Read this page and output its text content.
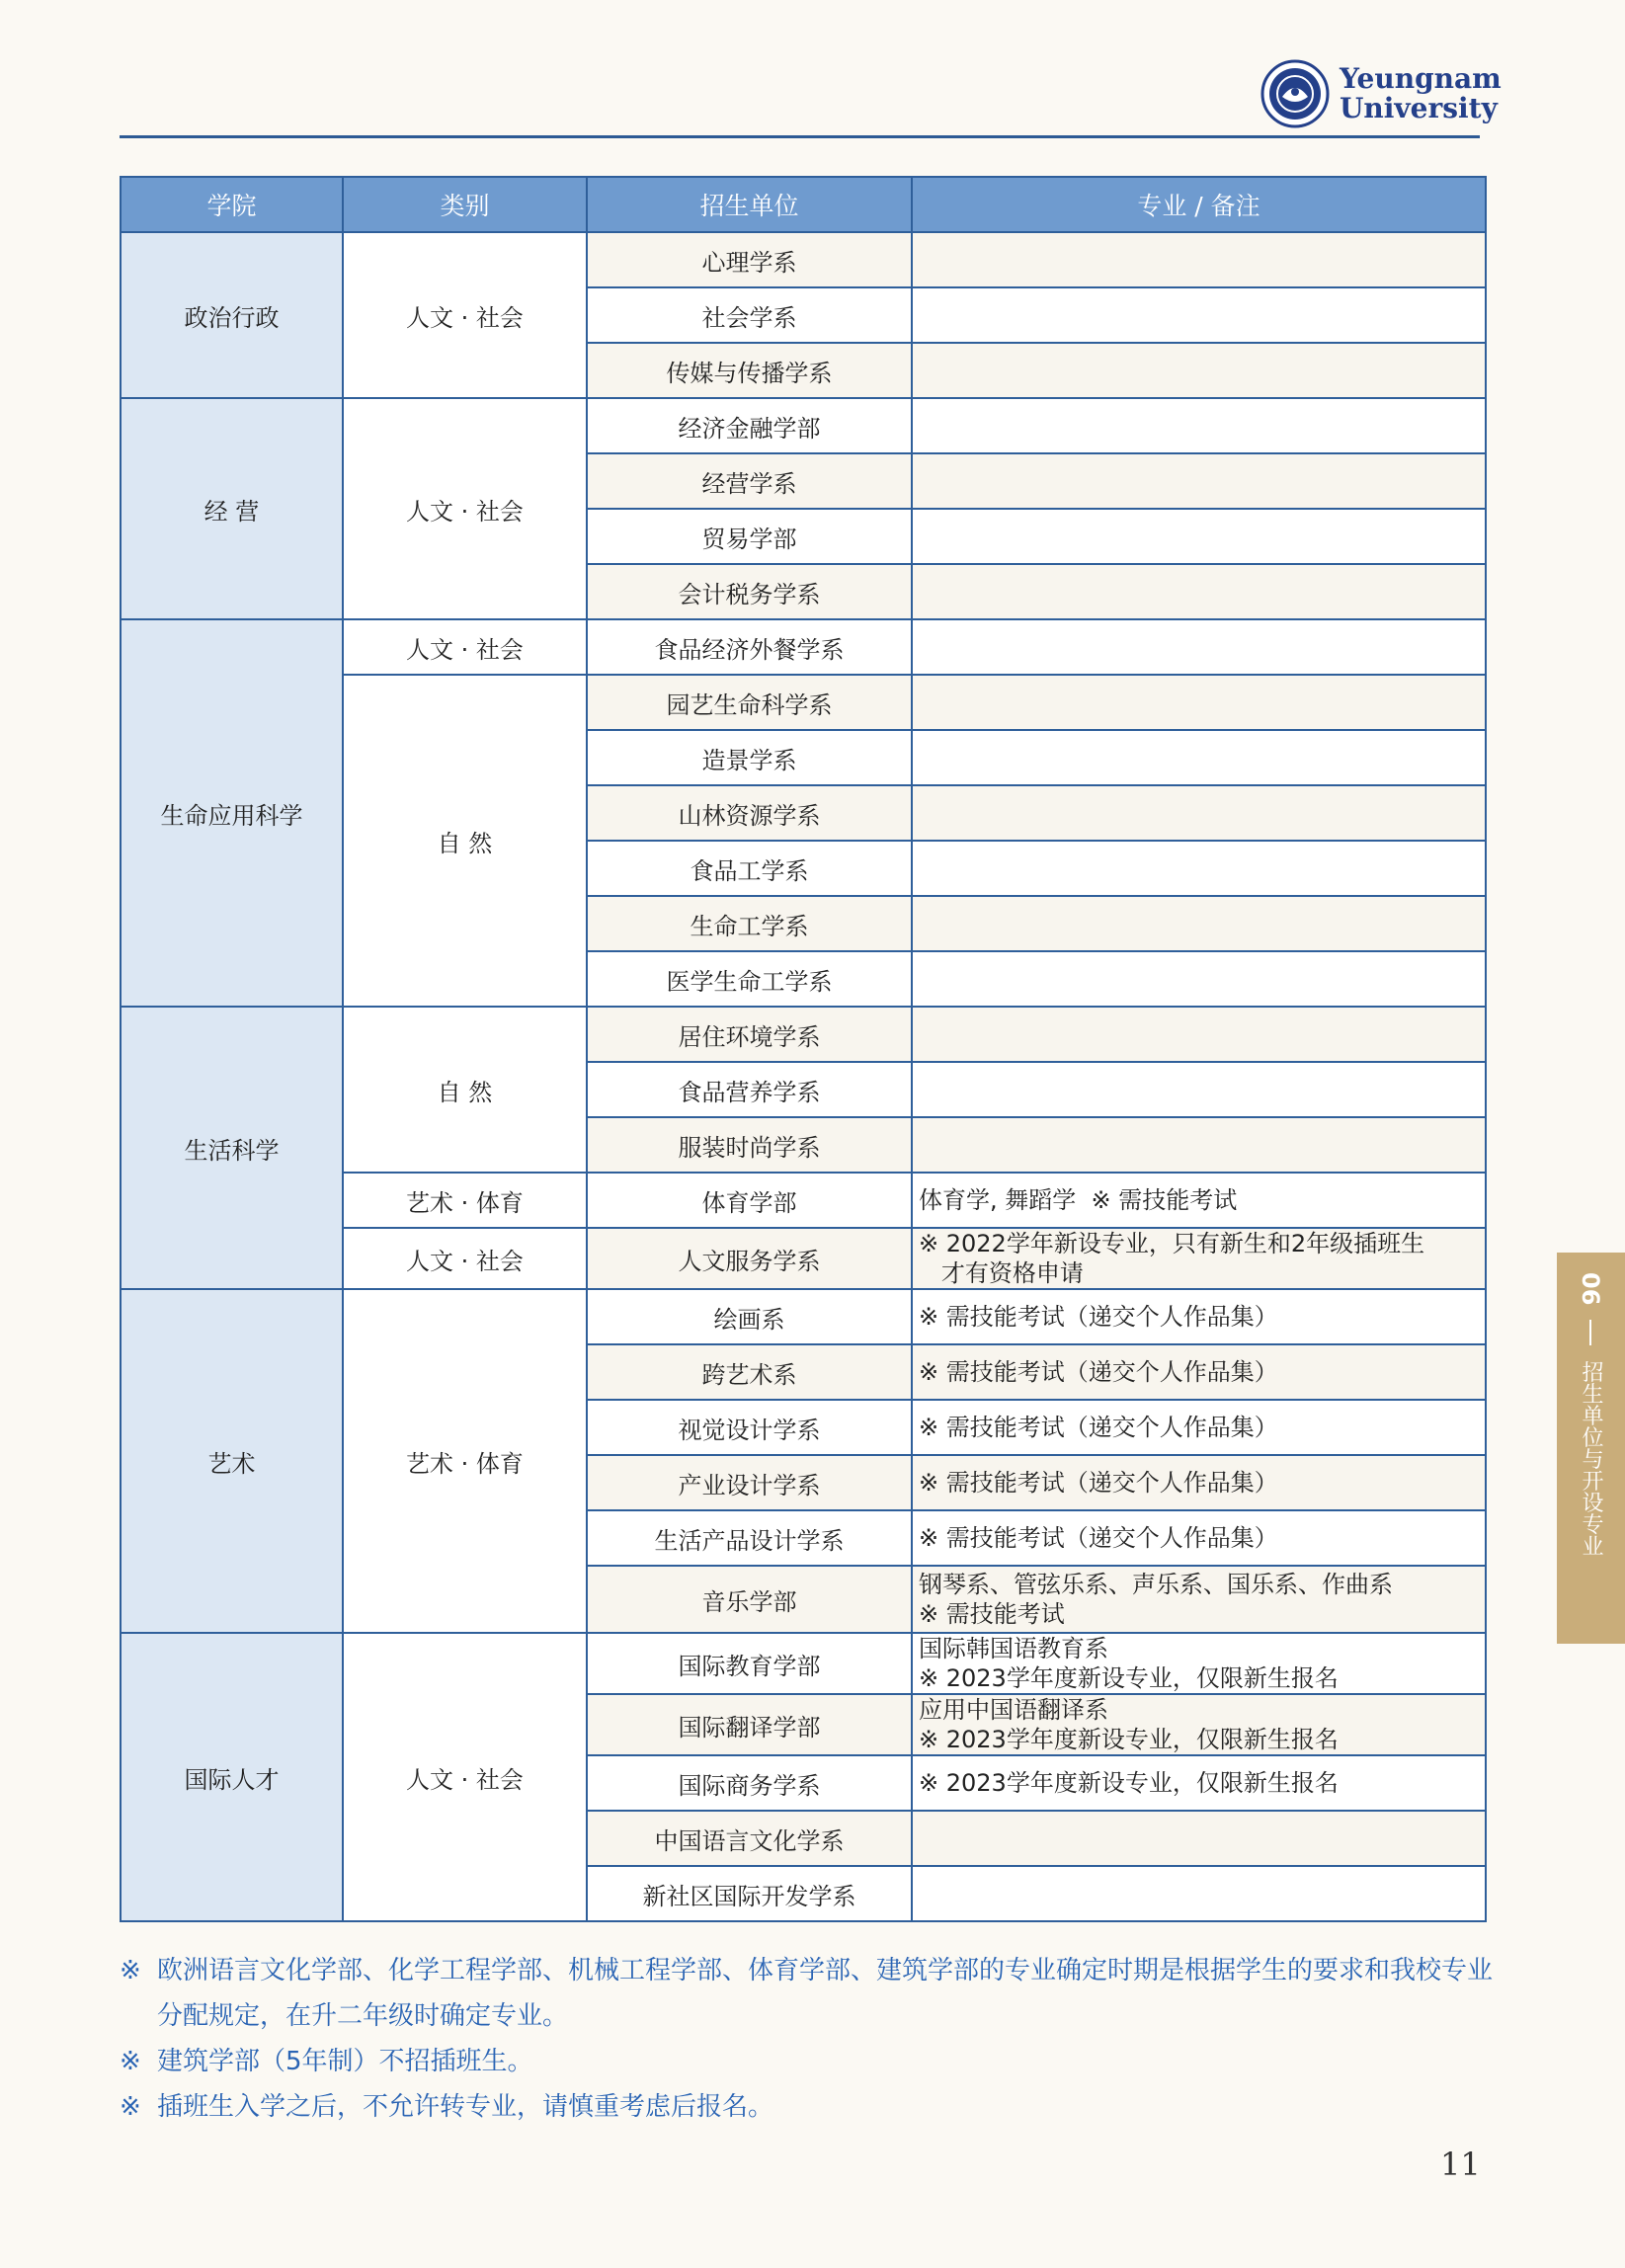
Yeungnam
University
学院	类别	招生单位	专业 / 备注
政治行政	人文 · 社会	心理学系	
		社会学系	
		传媒与传播学系	
经 营	人文 · 社会	经济金融学部	
		经营学系	
		贸易学部	
		会计税务学系	
生命应用科学	人文 · 社会	食品经济外餐学系	
	自 然	园艺生命科学系	
		造景学系	
		山林资源学系	
		食品工学系	
		生命工学系	
		医学生命工学系	
生活科学	自 然	居住环境学系	
		食品营养学系	
		服装时尚学系	
	艺术 · 体育	体育学部	体育学, 舞蹈学  ※ 需技能考试

	人文 · 社会	人文服务学系	※ 2022学年新设专业，只有新生和2年级插班生
才有资格申请

艺术	艺术 · 体育	绘画系	※ 需技能考试（递交个人作品集）

		跨艺术系	※ 需技能考试（递交个人作品集）

		视觉设计学系	※ 需技能考试（递交个人作品集）

		产业设计学系	※ 需技能考试（递交个人作品集）

		生活产品设计学系	※ 需技能考试（递交个人作品集）

		音乐学部	钢琴系、管弦乐系、声乐系、国乐系、作曲系
※ 需技能考试

国际人才	人文 · 社会	国际教育学部	国际韩国语教育系
※ 2023学年度新设专业，仅限新生报名

		国际翻译学部	应用中国语翻译系
※ 2023学年度新设专业，仅限新生报名

		国际商务学系	※ 2023学年度新设专业，仅限新生报名

		中国语言文化学系	
		新社区国际开发学系	
※ 欧洲语言文化学部、化学工程学部、机械工程学部、体育学部、建筑学部的专业确定时期是根据学生的要求和我校专业分配规定，在升二年级时确定专业。
※ 建筑学部（5年制）不招插班生。
※ 插班生入学之后，不允许转专业，请慎重考虑后报名。
06  招生单位与开设专业
11
